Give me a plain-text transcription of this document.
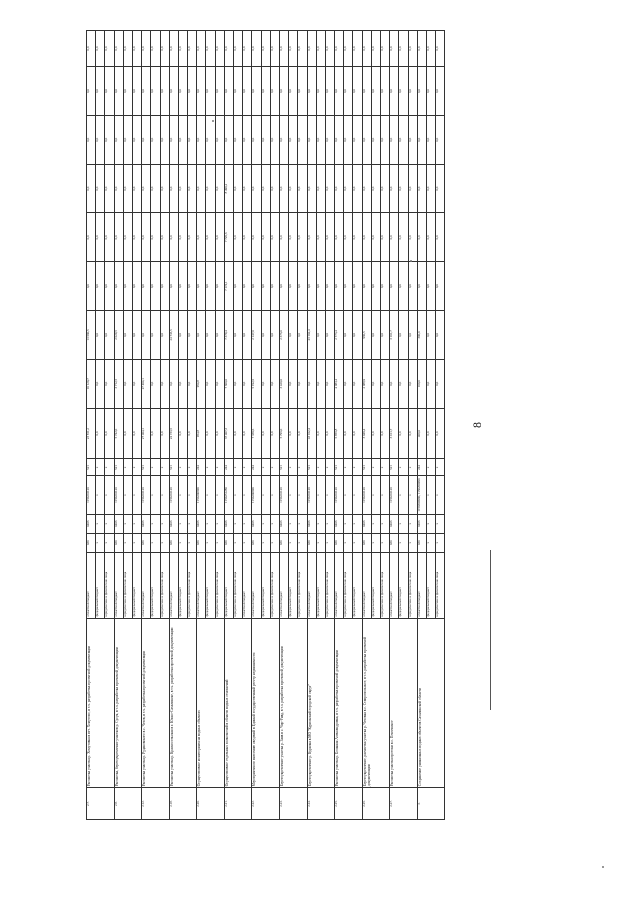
2.7.	Расчистка участка р. Хомутовка в пгт. Хомутово, в т.ч. разработка проектной документации	областной бюджет	030	0406	1150201120	521	23 811,2	10 120,7	13 690,5	0,0	0,0	0,0	0,0	0,0	0,0
		федеральный бюджет	х	х	х	х	0,0	0,0	0,0	0,0	0,0	0,0	0,0	0,0	0,0
		юридические и физические лица	х	х	х	х	0,0	0,0	0,0	0,0	0,0	0,0	0,0	0,0	0,0
2.8.	Расчистка, берегоукрепление участков р. Сусуя, в т.ч. разработка проектной документации	областной бюджет	030	0406	1150201120	521	5 742,0	3 712,5	2 029,5	0,0	0,0	0,0	0,0	0,0	0,0
		юридические и физические лица	х	х	х	х	0,0	0,0	0,0	0,0	0,0	0,0	0,0	0,0	0,0
		федеральный бюджет	х	х	х	х	0,0	0,0	0,0	0,0	0,0	0,0	0,0	0,0	0,0
2.12.	Расчистка участка р. Рудановского в с. Чехов, в т.ч. разработка проектной документации	областной бюджет	030	0406	1150201120	521	27 404,1	27 404,1	0,0	0,0	0,0	0,0	0,0	0,0	0,0
		федеральный бюджет	х	х	х	х	0,0	0,0	0,0	0,0	0,0	0,0	0,0	0,0	0,0
		юридические и физические лица	х	х	х	х	0,0	0,0	0,0	0,0	0,0	0,0	0,0	0,0	0,0
2.18.	Расчистка участка р. Красносельская в г. Южно-Сахалинске, в т.ч. разработка проектной документации	областной бюджет	030	0406	1150201120	521	24 733,5	0,0	24 733,5	0,0	0,0	0,0	0,0	0,0	0,0
		федеральный бюджет	х	х	х	х	0,0	0,0	0,0	0,0	0,0	0,0	0,0	0,0	0,0
		юридические и физические лица	х	х	х	х	0,0	0,0	0,0	0,0	0,0	0,0	0,0	0,0	0,0
2.20.	Осуществление мониторинга на водных объектах	областной бюджет	030	0406	1150200990	244	954,8	954,8	0,0	0,0	0,0	0,0	0,0	0,0	0,0
		федеральный бюджет	х	х	х	х	0,0	0,0	0,0	0,0	0,0	0,0	0,0	0,0	0,0
		юридические и физические лица	х	х	х	х	0,0	0,0	0,0	0,0	0,0	0,0	0,0	0,0	0,0
2.21.	Осуществление отдельных полномочий в области водных отношений	федеральный бюджет	030	0406	1150251280	244	37 407,3	7 600,0	7 379,4	7 174,1	7 726,6	8 490,2	0,0	0,0	0,0
		юридические и физические лица	х	х	х	х	0,0	0,0	0,0	0,0	0,0	0,0	0,0	0,0	0,0
		областной бюджет	х	х	х	х	0,0	0,0	0,0	0,0	0,0	0,0	0,0	0,0	0,0
2.22.	Мероприятия по внесению сведений в Единый государственный реестр недвижимости	областной бюджет	030	0406	1150200990	244	7 339,6	5 192,6	2 147,0	0,0	0,0	0,0	0,0	0,0	0,0
		федеральный бюджет	х	х	х	х	0,0	0,0	0,0	0,0	0,0	0,0	0,0	0,0	0,0
		юридические и физические лица	х	х	х	х	0,0	0,0	0,0	0,0	0,0	0,0	0,0	0,0	0,0
2.23.	Берегоукрепление участка р. Заяв в с. Чир-Унвд, в т.ч. разработка проектной документации	областной бюджет	030	0406	1150201120	521	5 796,0	3 420,0	2 376,0	0,0	0,0	0,0	0,0	0,0	0,0
		федеральный бюджет	х	х	х	х	0,0	0,0	0,0	0,0	0,0	0,0	0,0	0,0	0,0
		юридические и физические лица	х	х	х	х	0,0	0,0	0,0	0,0	0,0	0,0	0,0	0,0	0,0
2.24.	Берегоукрепление р. Курилка в МО "Курильский городской округ"	областной бюджет	030	0406	1150201120	521	43 102,4	0,0	43 102,4	0,0	0,0	0,0	0,0	0,0	0,0
		федеральный бюджет	х	х	х	х	0,0	0,0	0,0	0,0	0,0	0,0	0,0	0,0	0,0
		юридические и физические лица	х	х	х	х	0,0	0,0	0,0	0,0	0,0	0,0	0,0	0,0	0,0
2.25.	Расчистка участка р. Большая Александровка, в т.ч. разработка проектной документации	областной бюджет	030	0406	1150201120	521	6 856,8	4 083,4	2 773,4	0,0	0,0	0,0	0,0	0,0	0,0
		юридические и физические лица	х	х	х	х	0,0	0,0	0,0	0,0	0,0	0,0	0,0	0,0	0,0
		федеральный бюджет	х	х	х	х	0,0	0,0	0,0	0,0	0,0	0,0	0,0	0,0	0,0
2.26.	Берегоукрепление, расчистка участка р. Чеховка в с. Ставропольское, в т.ч. разработка проектной документации	областной бюджет	030	0406	1150201120	521	3 049,4	2 088,9	960,5	0,0	0,0	0,0	0,0	0,0	0,0
		федеральный бюджет	х	х	х	х	0,0	0,0	0,0	0,0	0,0	0,0	0,0	0,0	0,0
		юридические и физические лица	х	х	х	х	0,0	0,0	0,0	0,0	0,0	0,0	0,0	0,0	0,0
2.27.	Расчистка участка протоки в с. Пензенское	областной бюджет	030	0406	1150201120	521	3 101,7	0,0	3 101,7	0,0	0,0	0,0	0,0	0,0	0,0
		федеральный бюджет	х	х	х	х	0,0	0,0	0,0	0,0	0,0	0,0	0,0	0,0	0,0
		юридические и физические лица	х	х	х	х	0,0	0,0	0,0	0,0	0,0	0,0	0,0	0,0	0,0
3.	Сохранение уникальных водных объектов Сахалинской области	областной бюджет	030	0406	1150300990, 1150200990	244	400,0	100,0	300,0	0,0	0,0	0,0	0,0	0,0	0,0
		федеральный бюджет	х	х	х	х	0,0	0,0	0,0	0,0	0,0	0,0	0,0	0,0	0,0
		юридические и физические лица	х	х	х	х	0,0	0,0	0,0	0,0	0,0	0,0	0,0	0,0	0,0
8
